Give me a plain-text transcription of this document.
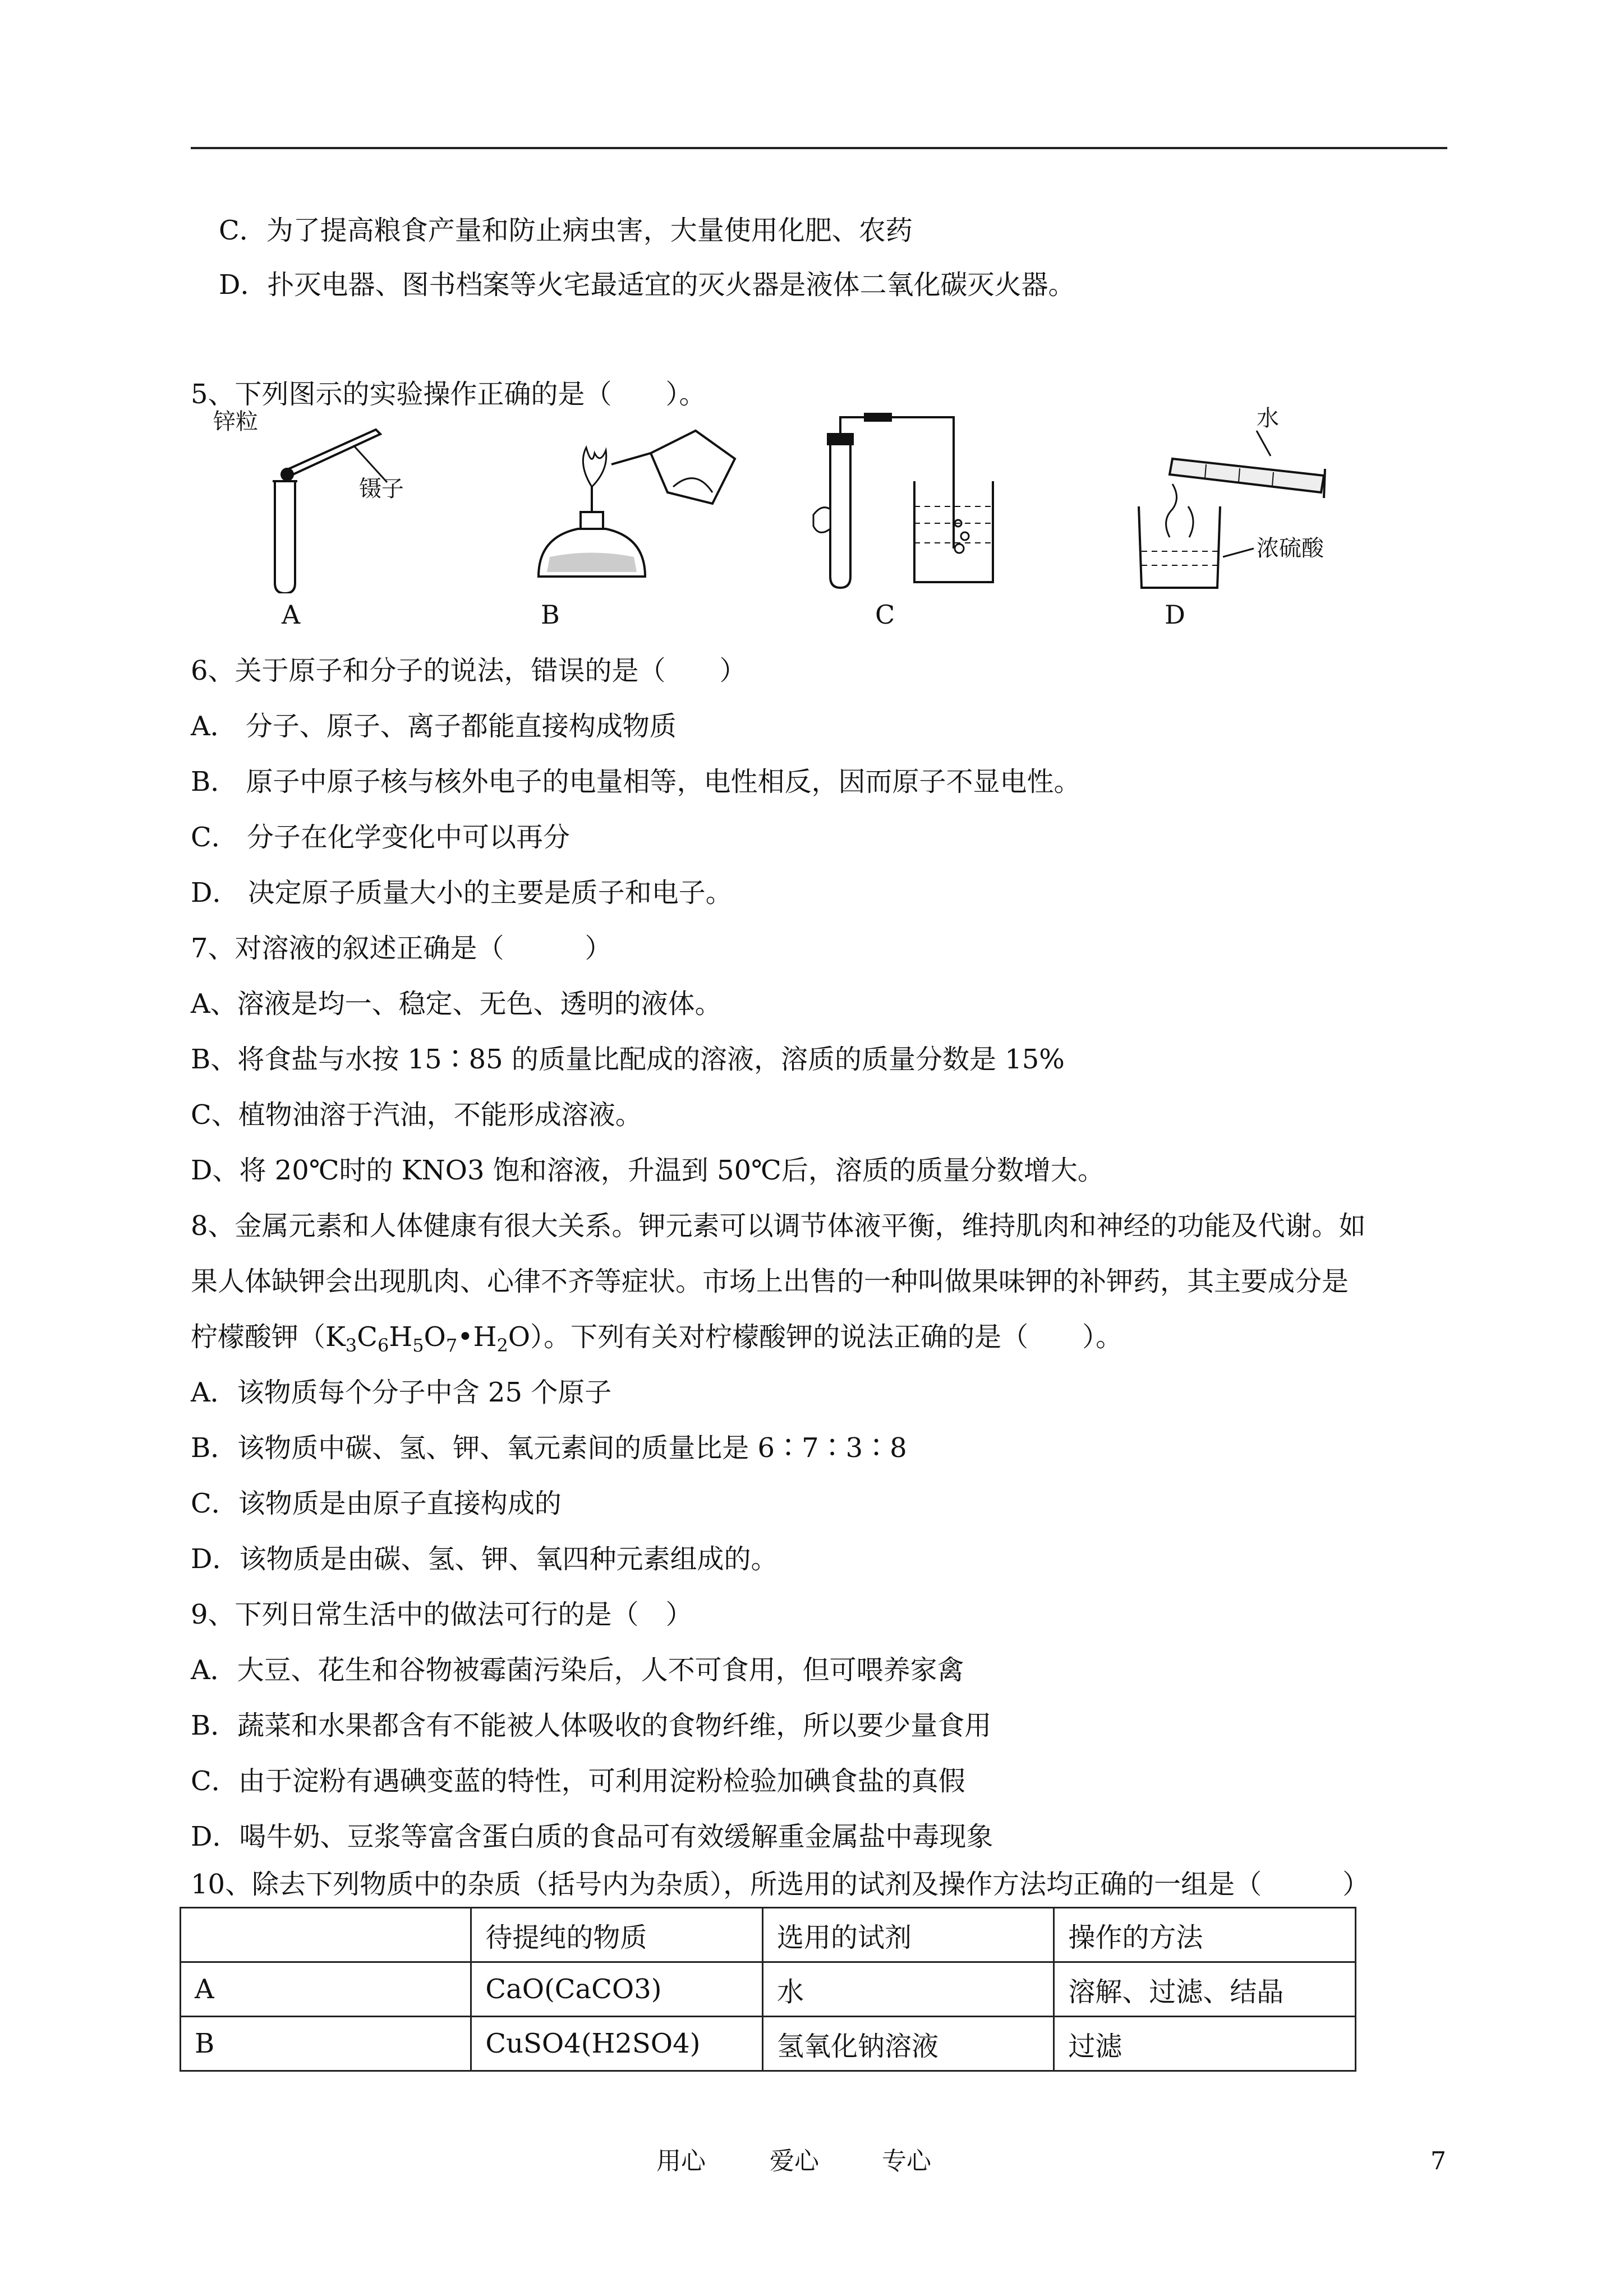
C．为了提高粮食产量和防止病虫害，大量使用化肥、农药
D．扑灭电器、图书档案等火宅最适宜的灭火器是液体二氧化碳灭火器。
5、下列图示的实验操作正确的是（　　）。
锌粒
镊子
水
浓硫酸
A	B	C	D
6、关于原子和分子的说法，错误的是（　　）
A． 分子、原子、离子都能直接构成物质
B． 原子中原子核与核外电子的电量相等，电性相反，因而原子不显电性。
C． 分子在化学变化中可以再分
D． 决定原子质量大小的主要是质子和电子。
7、对溶液的叙述正确是（　　　）
A、溶液是均一、稳定、无色、透明的液体。
B、将食盐与水按 15∶85 的质量比配成的溶液，溶质的质量分数是 15%
C、植物油溶于汽油，不能形成溶液。
D、将 20℃时的 KNO3 饱和溶液，升温到 50℃后，溶质的质量分数增大。
8、金属元素和人体健康有很大关系。钾元素可以调节体液平衡，维持肌肉和神经的功能及代谢。如
果人体缺钾会出现肌肉、心律不齐等症状。市场上出售的一种叫做果味钾的补钾药，其主要成分是
柠檬酸钾$(K_3C_6H_5O_7•H_2O)$。下列有关对柠檬酸钾的说法正确的是（　　）。
A．该物质每个分子中含 25 个原子
B．该物质中碳、氢、钾、氧元素间的质量比是 6∶7∶3∶8
C．该物质是由原子直接构成的
D．该物质是由碳、氢、钾、氧四种元素组成的。
9、下列日常生活中的做法可行的是（　）
A．大豆、花生和谷物被霉菌污染后，人不可食用，但可喂养家禽
B．蔬菜和水果都含有不能被人体吸收的食物纤维，所以要少量食用
C．由于淀粉有遇碘变蓝的特性，可利用淀粉检验加碘食盐的真假
D．喝牛奶、豆浆等富含蛋白质的食品可有效缓解重金属盐中毒现象
10、除去下列物质中的杂质（括号内为杂质），所选用的试剂及操作方法均正确的一组是（　　　）
	待提纯的物质	选用的试剂	操作的方法
A	CaO(CaCO3)	水	溶解、过滤、结晶
B	CuSO4(H2SO4)	氢氧化钠溶液	过滤
用心	爱心	专心	7
